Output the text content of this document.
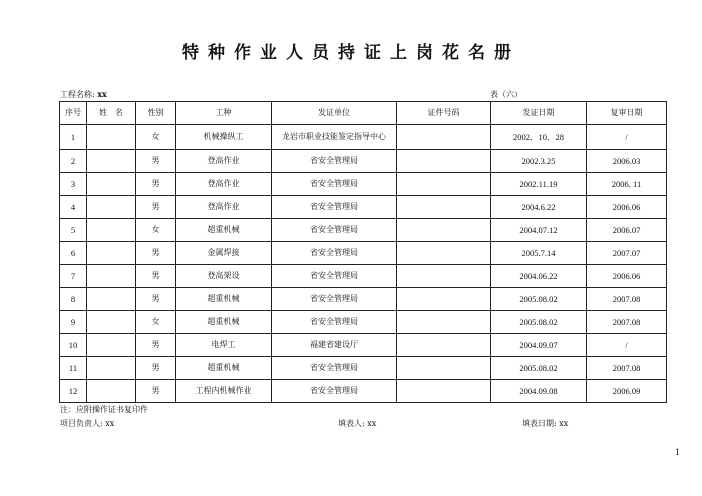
特种作业人员持证上岗花名册
工程名称: xx	表（六）
序号	姓　名	性别	工种	发证单位	证件号码	发证日期	复审日期
1		女	机械操纵工	龙岩市职业技能鉴定指导中心		2002．10．28	/
2		男	登高作业	省安全管理局		2002.3.25	2006.03
3		男	登高作业	省安全管理局		2002.11.19	2006. 11
4		男	登高作业	省安全管理局		2004.6.22	2006.06
5		女	超重机械	省安全管理局		2004.07.12	2006.07
6		男	金属焊接	省安全管理局		2005.7.14	2007.07
7		男	登高架设	省安全管理局		2004.06.22	2006.06
8		男	超重机械	省安全管理局		2005.08.02	2007.08
9		女	超重机械	省安全管理局		2005.08.02	2007.08
10		男	电焊工	福建省建设厅		2004.09.07	/
11		男	超重机械	省安全管理局		2005.08.02	2007.08
12		男	工程内机械作业	省安全管理局		2004.09.08	2006.09
注：应附操作证书复印件
项目负责人: xx	填表人: xx	填表日期: xx
1
